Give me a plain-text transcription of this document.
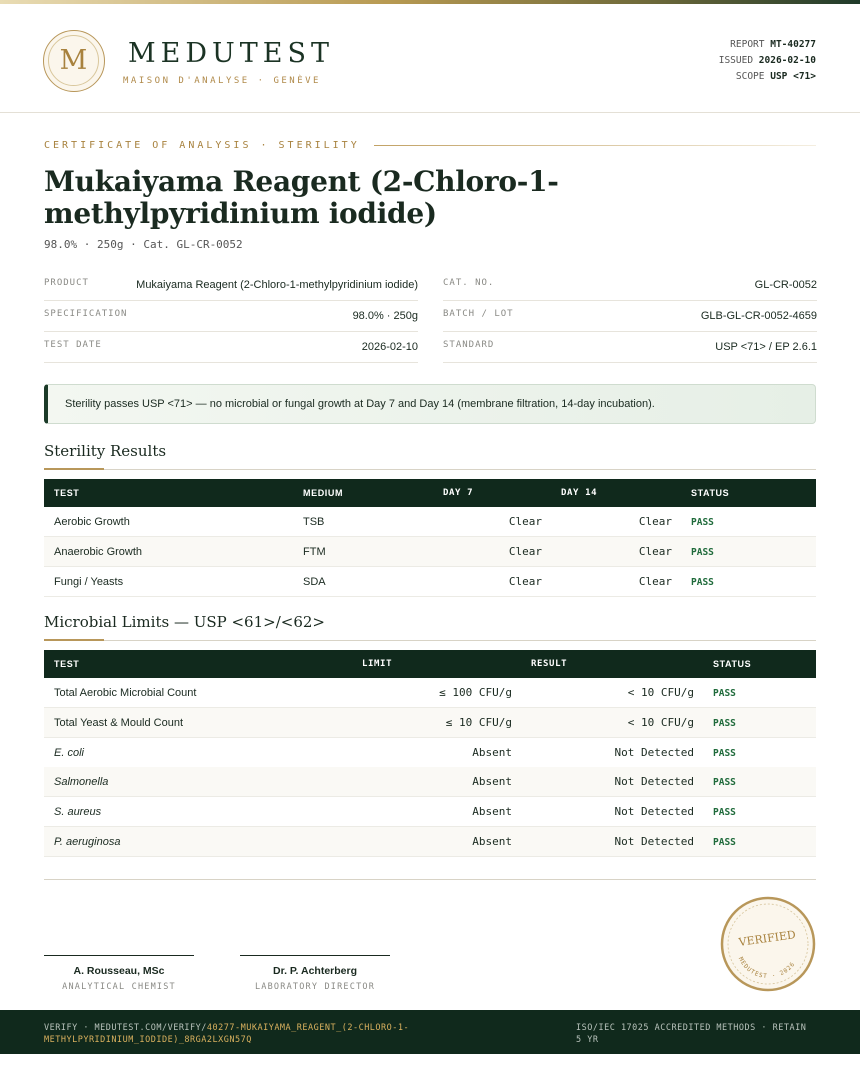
M	MEDUTEST
MAISON D'ANALYSE · GENÈVE
REPORT MT-40277
ISSUED 2026-02-10
SCOPE USP <71>
CERTIFICATE OF ANALYSIS · STERILITY
Mukaiyama Reagent (2-Chloro-1-methylpyridinium iodide)
98.0% · 250g · Cat. GL-CR-0052
PRODUCT	Mukaiyama Reagent (2-Chloro-1-methylpyridinium iodide)
SPECIFICATION	98.0% · 250g
TEST DATE	2026-02-10
CAT. NO.	GL-CR-0052
BATCH / LOT	GLB-GL-CR-0052-4659
STANDARD	USP <71> / EP 2.6.1
Sterility passes USP <71> — no microbial or fungal growth at Day 7 and Day 14 (membrane filtration, 14-day incubation).
Sterility Results
TEST	MEDIUM	DAY 7	DAY 14	STATUS
Aerobic Growth	TSB	Clear	Clear PASS
Anaerobic Growth	FTM	Clear	Clear PASS
Fungi / Yeasts	SDA	Clear	Clear PASS
Microbial Limits — USP <61>/<62>
TEST	LIMIT	RESULT	STATUS
Total Aerobic Microbial Count	≤ 100 CFU/g	< 10 CFU/g PASS
Total Yeast & Mould Count	≤ 10 CFU/g	< 10 CFU/g PASS
E. coli	Absent	Not Detected PASS
Salmonella	Absent	Not Detected PASS
S. aureus	Absent	Not Detected PASS
P. aeruginosa	Absent	Not Detected PASS
A. Rousseau, MSc
ANALYTICAL CHEMIST
Dr. P. Achterberg
LABORATORY DIRECTOR
VERIFIED
MEDUTEST · 2026
VERIFY · MEDUTEST.COM/VERIFY/40277-MUKAIYAMA_REAGENT_(2-CHLORO-1-METHYLPYRIDINIUM_IODIDE)_8RGA2LXGN57Q
ISO/IEC 17025 ACCREDITED METHODS · RETAIN 5 YR
